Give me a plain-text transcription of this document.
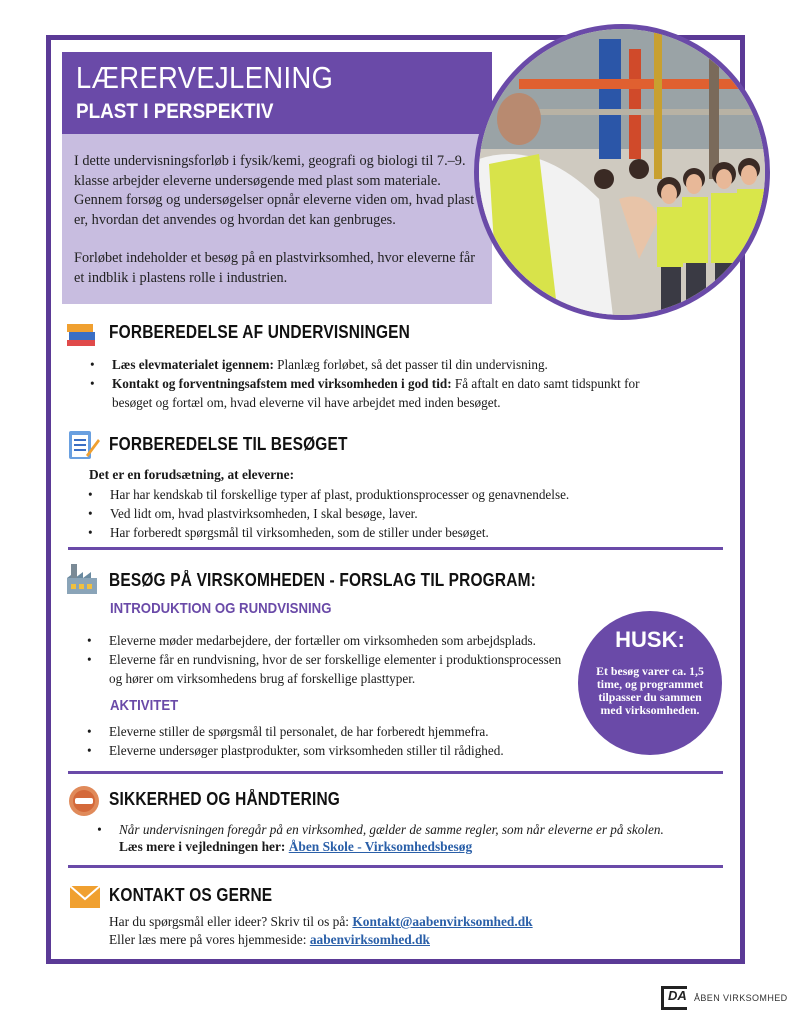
LÆRERVEJLENING
PLAST I PERSPEKTIV

I dette undervisningsforløb i fysik/kemi, geografi og biologi til 7.–9. klasse arbejder eleverne undersøgende med plast som materiale. Gennem forsøg og undersøgelser opnår eleverne viden om, hvad plast er, hvordan det anvendes og hvordan det kan genbruges.

Forløbet indeholder et besøg på en plastvirksomhed, hvor eleverne får et indblik i plastens rolle i industrien.

FORBEREDELSE AF UNDERVISNINGEN
• Læs elevmaterialet igennem: Planlæg forløbet, så det passer til din undervisning.
• Kontakt og forventningsafstem med virksomheden i god tid: Få aftalt en dato samt tidspunkt for besøget og fortæl om, hvad eleverne vil have arbejdet med inden besøget.
FORBEREDELSE TIL BESØGET
Det er en forudsætning, at eleverne:
• Har har kendskab til forskellige typer af plast, produktionsprocesser og genavnendelse.
• Ved lidt om, hvad plastvirksomheden, I skal besøge, laver.
• Har forberedt spørgsmål til virksomheden, som de stiller under besøget.
BESØG PÅ VIRSKOMHEDEN - FORSLAG TIL PROGRAM:
INTRODUKTION OG RUNDVISNING
• Eleverne møder medarbejdere, der fortæller om virksomheden som arbejdsplads.
• Eleverne får en rundvisning, hvor de ser forskellige elementer i produktionsprocessen og hører om virksomhedens brug af forskellige plasttyper.
AKTIVITET
• Eleverne stiller de spørgsmål til personalet, de har forberedt hjemmefra.
• Eleverne undersøger plastprodukter, som virksomheden stiller til rådighed.
HUSK:
Et besøg varer ca. 1,5 time, og programmet tilpasser du sammen med virksomheden.
SIKKERHED OG HÅNDTERING
• Når undervisningen foregår på en virksomhed, gælder de samme regler, som når eleverne er på skolen.
Læs mere i vejledningen her: Åben Skole - Virksomhedsbesøg
KONTAKT OS GERNE
Har du spørgsmål eller ideer? Skriv til os på: Kontakt@aabenvirksomhed.dk
Eller læs mere på vores hjemmeside: aabenvirksomhed.dk
DA ÅBEN VIRKSOMHED
